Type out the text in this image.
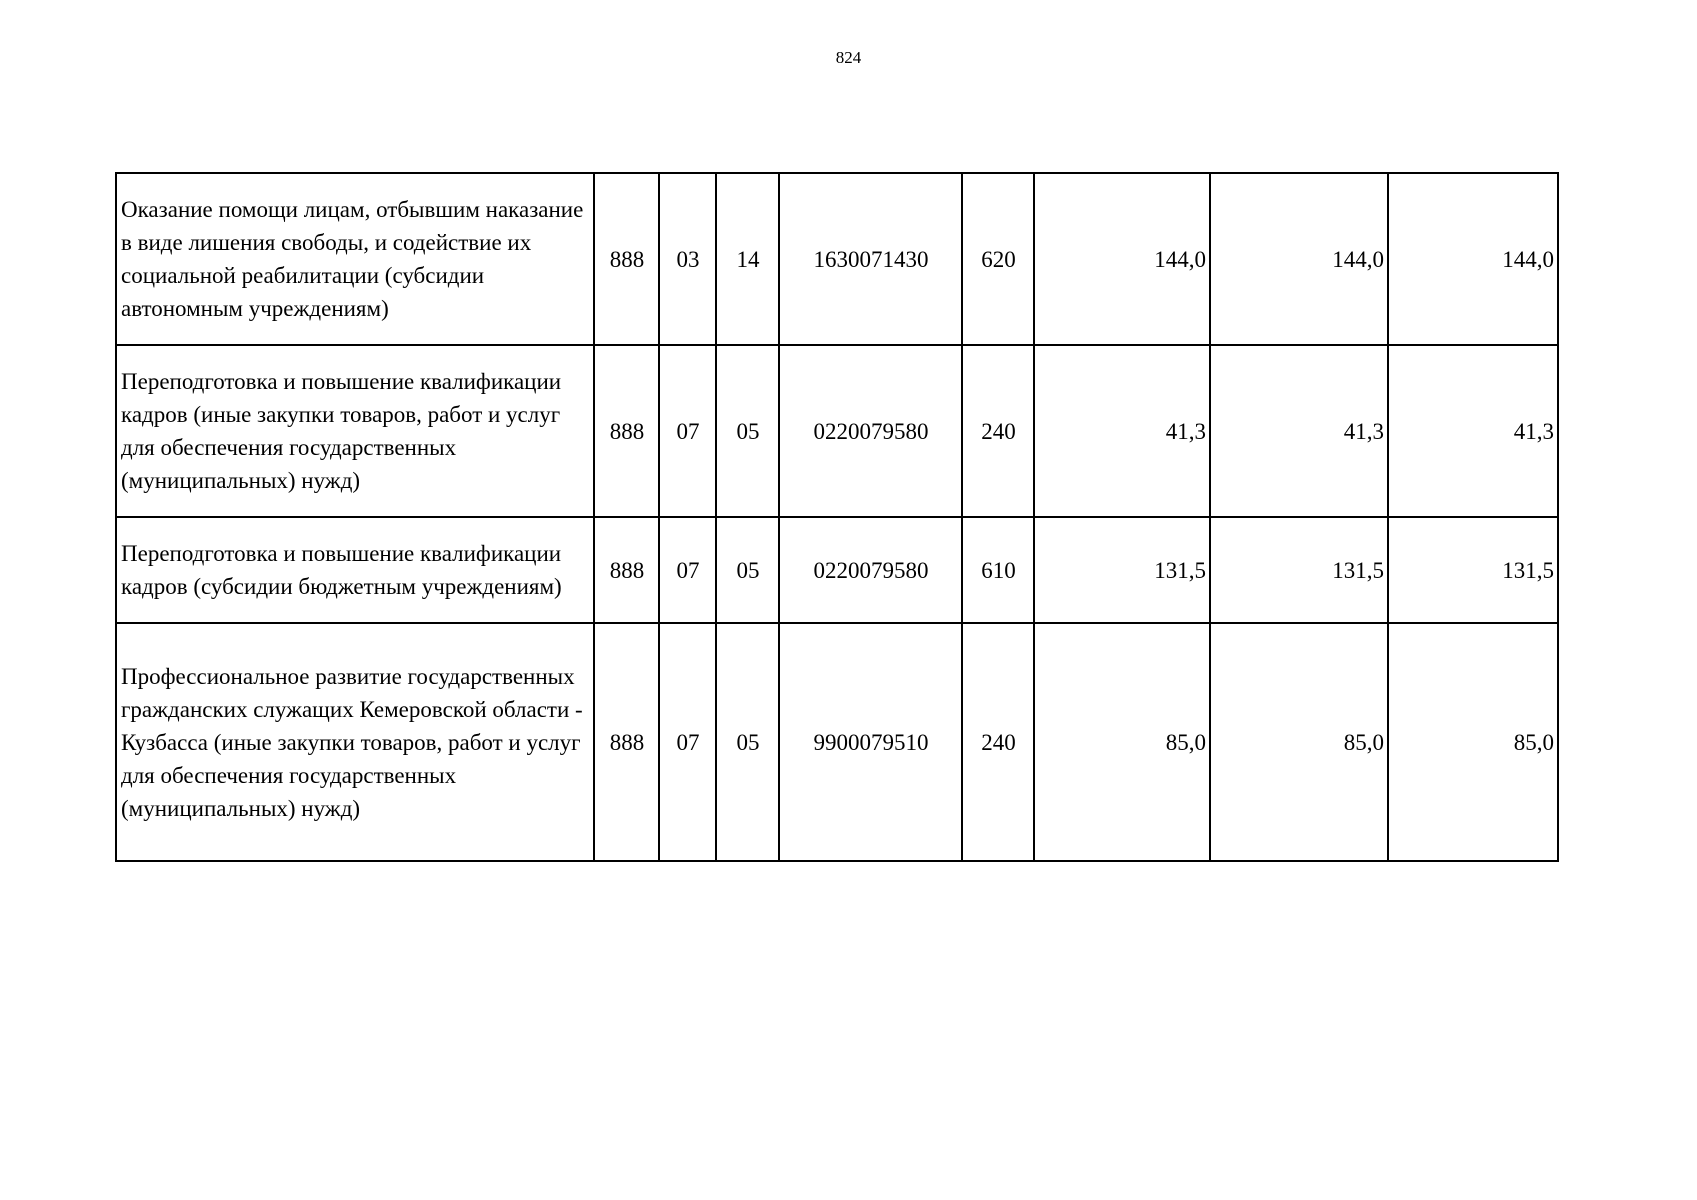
824
Оказание помощи лицам, отбывшим наказание в виде лишения свободы, и содействие их социальной реабилитации (субсидии автономным учреждениям)	888	03	14	1630071430	620	144,0	144,0	144,0
Переподготовка и повышение квалификации кадров (иные закупки товаров, работ и услуг для обеспечения государственных (муниципальных) нужд)	888	07	05	0220079580	240	41,3	41,3	41,3
Переподготовка и повышение квалификации кадров (субсидии бюджетным учреждениям)	888	07	05	0220079580	610	131,5	131,5	131,5
Профессиональное развитие государственных гражданских служащих Кемеровской области - Кузбасса (иные закупки товаров, работ и услуг для обеспечения государственных (муниципальных) нужд)	888	07	05	9900079510	240	85,0	85,0	85,0
